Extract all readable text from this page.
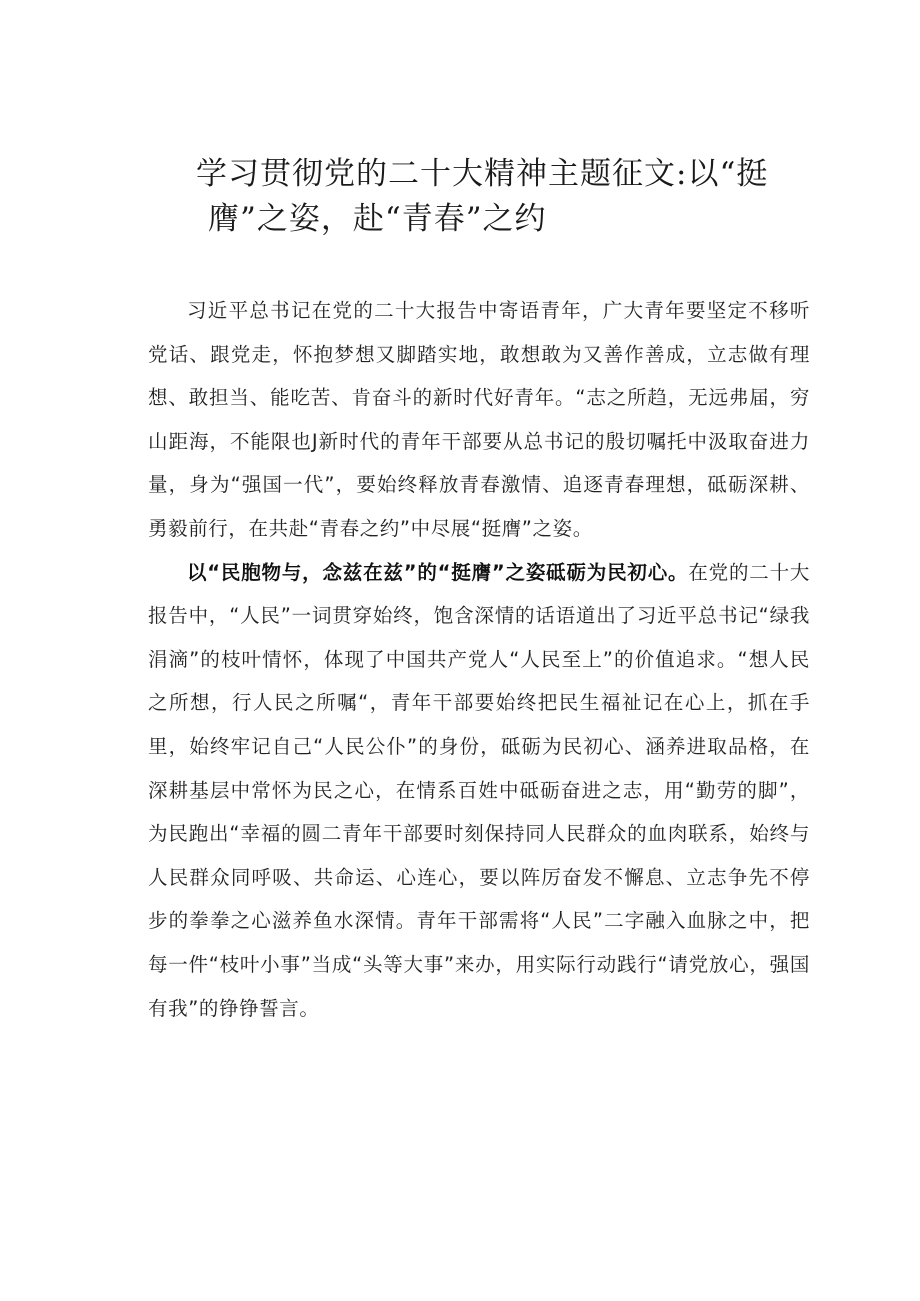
学习贯彻党的二十大精神主题征文:以“挺
膺”之姿，赴“青春”之约

习近平总书记在党的二十大报告中寄语青年，广大青年要坚定不移听党话、跟党走，怀抱梦想又脚踏实地，敢想敢为又善作善成，立志做有理想、敢担当、能吃苦、肯奋斗的新时代好青年。“志之所趋，无远弗届，穷山距海，不能限也J新时代的青年干部要从总书记的殷切嘱托中汲取奋进力量，身为“强国一代”，要始终释放青春激情、追逐青春理想，砥砺深耕、勇毅前行，在共赴“青春之约”中尽展“挺膺”之姿。

以“民胞物与，念兹在兹”的“挺膺”之姿砥砺为民初心。在党的二十大报告中，“人民”一词贯穿始终，饱含深情的话语道出了习近平总书记“绿我涓滴”的枝叶情怀，体现了中国共产党人“人民至上”的价值追求。“想人民之所想，行人民之所嘱“，青年干部要始终把民生福祉记在心上，抓在手里，始终牢记自己“人民公仆”的身份，砥砺为民初心、涵养进取品格，在深耕基层中常怀为民之心，在情系百姓中砥砺奋进之志，用“勤劳的脚”，为民跑出“幸福的圆二青年干部要时刻保持同人民群众的血肉联系，始终与人民群众同呼吸、共命运、心连心，要以阵厉奋发不懈息、立志争先不停步的拳拳之心滋养鱼水深情。青年干部需将“人民”二字融入血脉之中，把每一件“枝叶小事”当成“头等大事”来办，用实际行动践行“请党放心，强国有我”的铮铮誓言。
